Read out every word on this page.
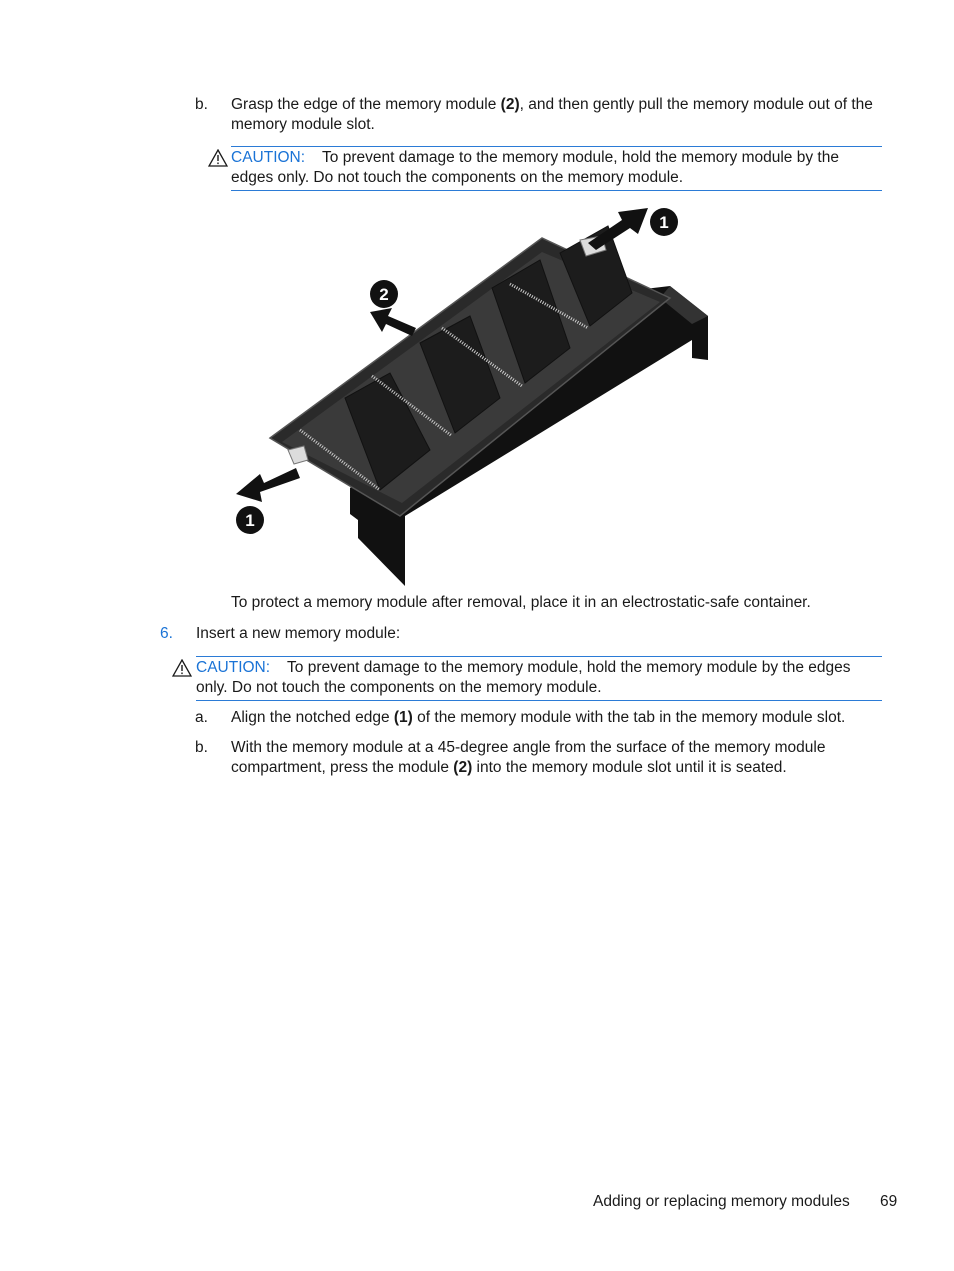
b. Grasp the edge of the memory module (2), and then gently pull the memory module out of the memory module slot.
CAUTION: To prevent damage to the memory module, hold the memory module by the edges only. Do not touch the components on the memory module.
1
2
1
To protect a memory module after removal, place it in an electrostatic-safe container.
6. Insert a new memory module:
CAUTION: To prevent damage to the memory module, hold the memory module by the edges only. Do not touch the components on the memory module.
a. Align the notched edge (1) of the memory module with the tab in the memory module slot.
b. With the memory module at a 45-degree angle from the surface of the memory module compartment, press the module (2) into the memory module slot until it is seated.
Adding or replacing memory modules 69
